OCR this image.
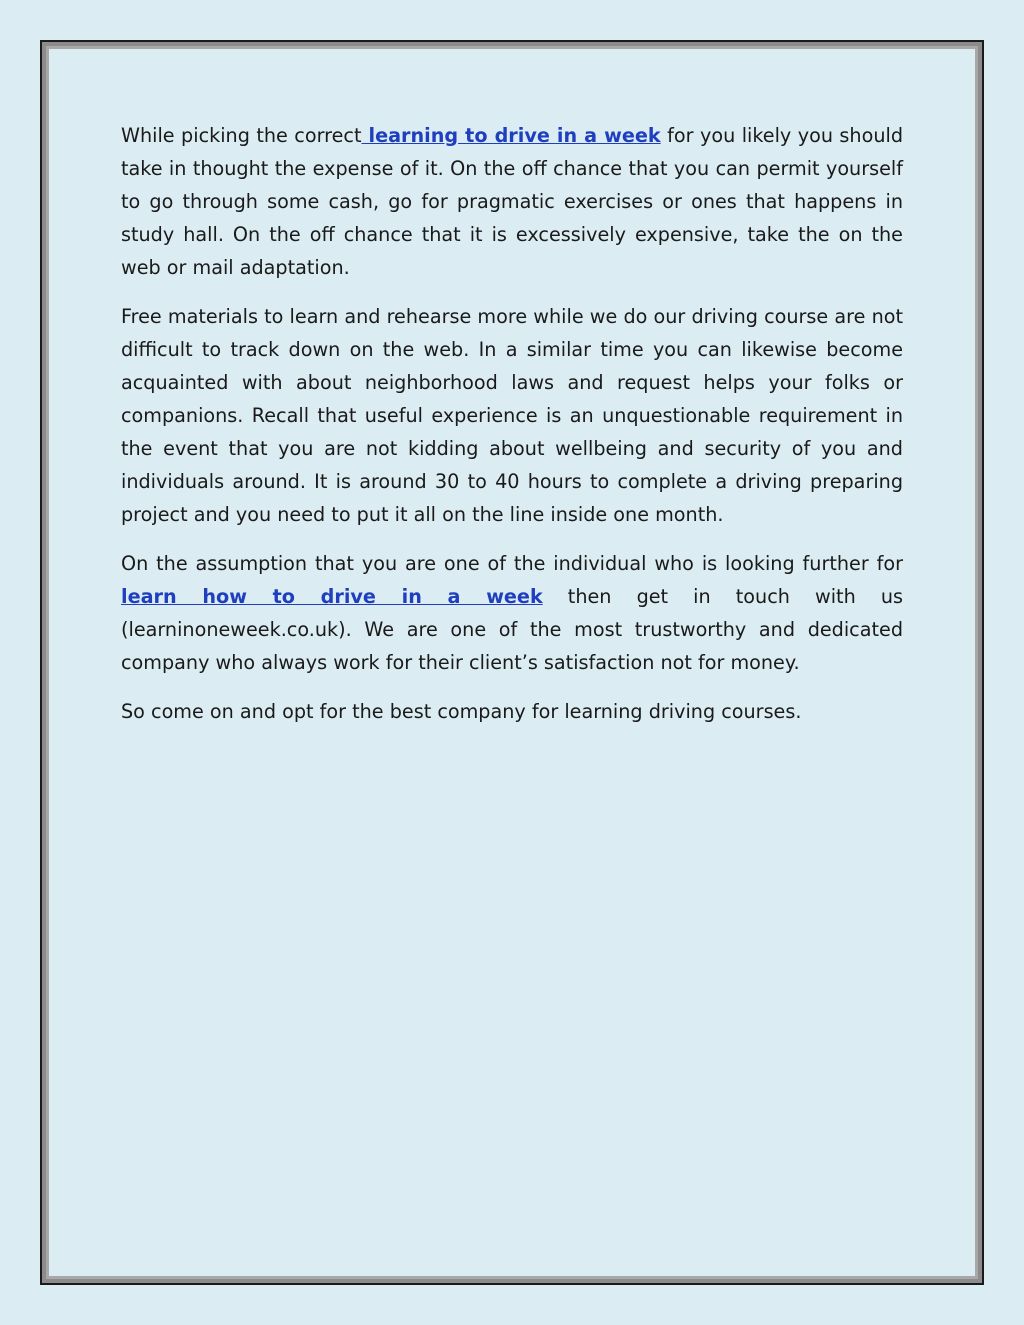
While picking the correct learning to drive in a week for you likely you should take in thought the expense of it. On the off chance that you can permit yourself to go through some cash, go for pragmatic exercises or ones that happens in study hall. On the off chance that it is excessively expensive, take the on the web or mail adaptation.

Free materials to learn and rehearse more while we do our driving course are not difficult to track down on the web. In a similar time you can likewise become acquainted with about neighborhood laws and request helps your folks or companions. Recall that useful experience is an unquestionable requirement in the event that you are not kidding about wellbeing and security of you and individuals around. It is around 30 to 40 hours to complete a driving preparing project and you need to put it all on the line inside one month.

On the assumption that you are one of the individual who is looking further for learn how to drive in a week then get in touch with us (learninoneweek.co.uk). We are one of the most trustworthy and dedicated company who always work for their client’s satisfaction not for money.

So come on and opt for the best company for learning driving courses.
